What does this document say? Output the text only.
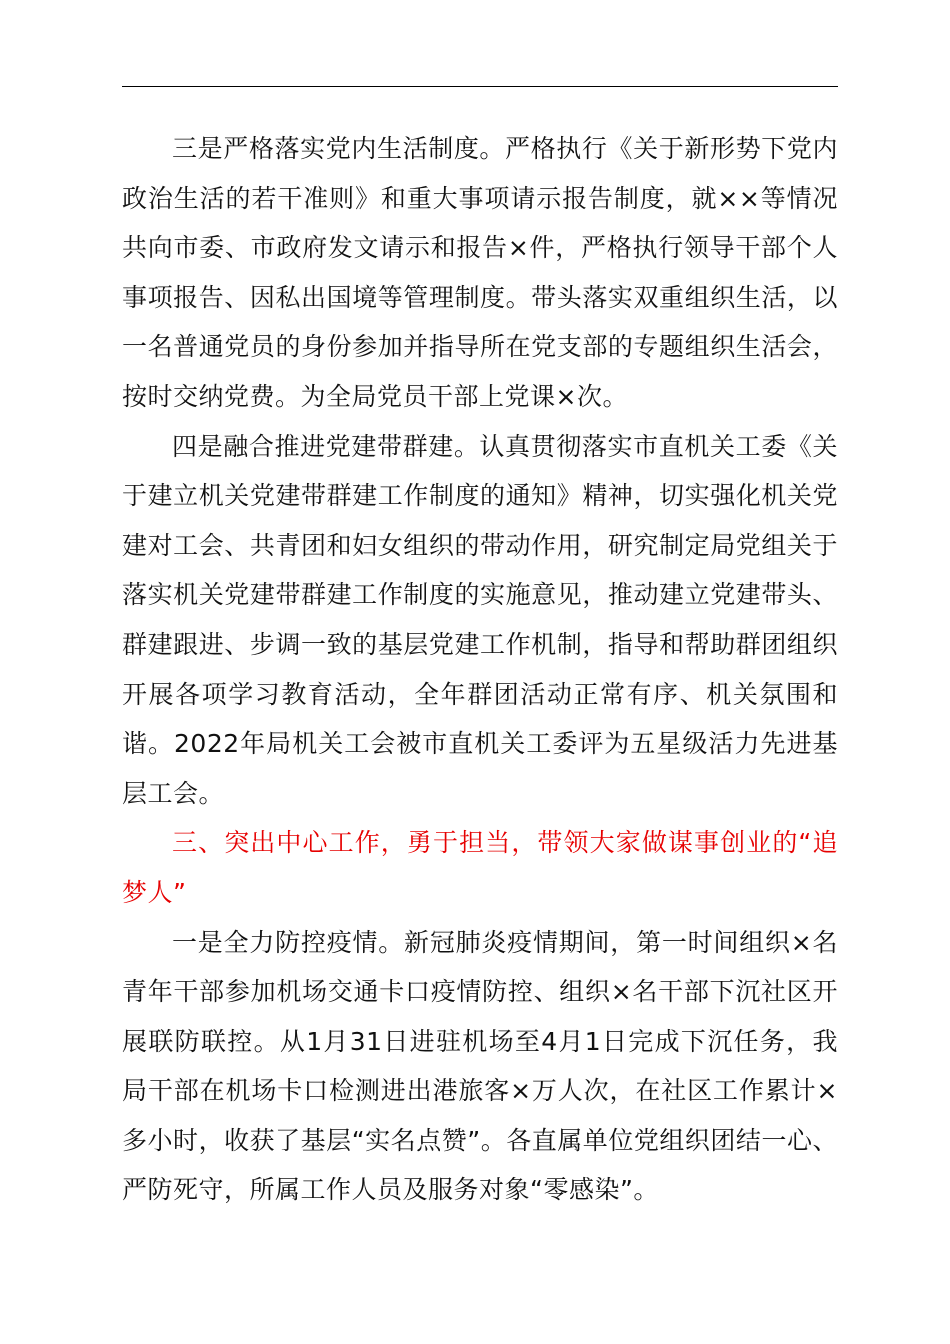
三是严格落实党内生活制度。严格执行《关于新形势下党内政治生活的若干准则》和重大事项请示报告制度，就××等情况共向市委、市政府发文请示和报告×件，严格执行领导干部个人事项报告、因私出国境等管理制度。带头落实双重组织生活，以一名普通党员的身份参加并指导所在党支部的专题组织生活会，按时交纳党费。为全局党员干部上党课×次。

四是融合推进党建带群建。认真贯彻落实市直机关工委《关于建立机关党建带群建工作制度的通知》精神，切实强化机关党建对工会、共青团和妇女组织的带动作用，研究制定局党组关于落实机关党建带群建工作制度的实施意见，推动建立党建带头、群建跟进、步调一致的基层党建工作机制，指导和帮助群团组织开展各项学习教育活动，全年群团活动正常有序、机关氛围和谐。2022年局机关工会被市直机关工委评为五星级活力先进基层工会。

三、突出中心工作，勇于担当，带领大家做谋事创业的“追梦人”

一是全力防控疫情。新冠肺炎疫情期间，第一时间组织×名青年干部参加机场交通卡口疫情防控、组织×名干部下沉社区开展联防联控。从1月31日进驻机场至4月1日完成下沉任务，我局干部在机场卡口检测进出港旅客×万人次，在社区工作累计×多小时，收获了基层“实名点赞”。各直属单位党组织团结一心、严防死守，所属工作人员及服务对象“零感染”。
